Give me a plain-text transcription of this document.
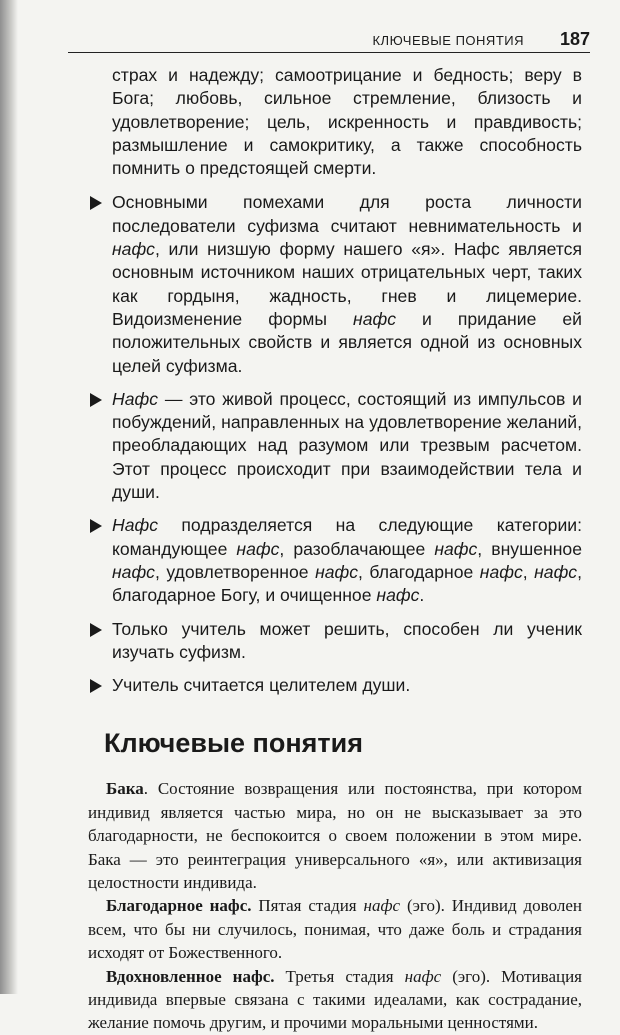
КЛЮЧЕВЫЕ ПОНЯТИЯ 187

страх и надежду; самоотрицание и бедность; веру в Бога; любовь, сильное стремление, близость и удовлетворение; цель, искренность и правдивость; размышление и самокритику, а также способность помнить о предстоящей смерти.

Основными помехами для роста личности последователи суфизма считают невнимательность и нафс, или низшую форму нашего «я». Нафс является основным источником наших отрицательных черт, таких как гордыня, жадность, гнев и лицемерие. Видоизменение формы нафс и придание ей положительных свойств и является одной из основных целей суфизма.
Нафс — это живой процесс, состоящий из импульсов и побуждений, направленных на удовлетворение желаний, преобладающих над разумом или трезвым расчетом. Этот процесс происходит при взаимодействии тела и души.
Нафс подразделяется на следующие категории: командующее нафс, разоблачающее нафс, внушенное нафс, удовлетворенное нафс, благодарное нафс, нафс, благодарное Богу, и очищенное нафс.
Только учитель может решить, способен ли ученик изучать суфизм.
Учитель считается целителем души.
Ключевые понятия

Бака. Состояние возвращения или постоянства, при котором индивид является частью мира, но он не высказывает за это благодарности, не беспокоится о своем положении в этом мире. Бака — это реинтеграция универсального «я», или активизация целостности индивида.

Благодарное нафс. Пятая стадия нафс (эго). Индивид доволен всем, что бы ни случилось, понимая, что даже боль и страдания исходят от Божественного.

Вдохновленное нафс. Третья стадия нафс (эго). Мотивация индивида впервые связана с такими идеалами, как сострадание, желание помочь другим, и прочими моральными ценностями.
